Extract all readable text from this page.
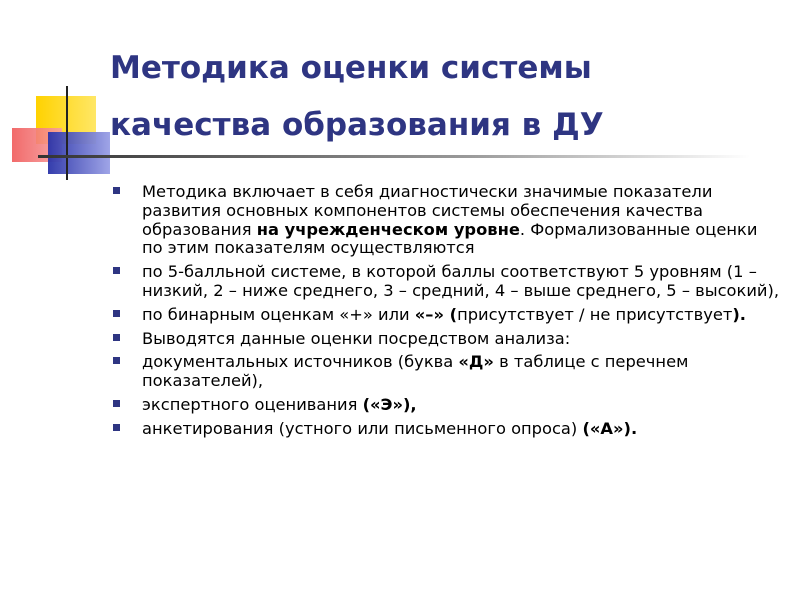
Методика оценки системы
качества образования в ДУ
Методика включает в себя диагностически значимые показатели развития основных компонентов системы обеспечения качества образования на учрежденческом уровне. Формализованные оценки по этим показателям осуществляются
по 5-балльной системе, в которой баллы соответствуют 5 уровням (1 – низкий, 2 – ниже среднего, 3 – средний, 4 – выше среднего, 5 – высокий),
по бинарным оценкам «+» или «–» (присутствует / не присутствует).
Выводятся данные оценки посредством анализа:
документальных источников (буква «Д» в таблице с перечнем показателей),
экспертного оценивания («Э»),
анкетирования (устного или письменного опроса) («А»).
